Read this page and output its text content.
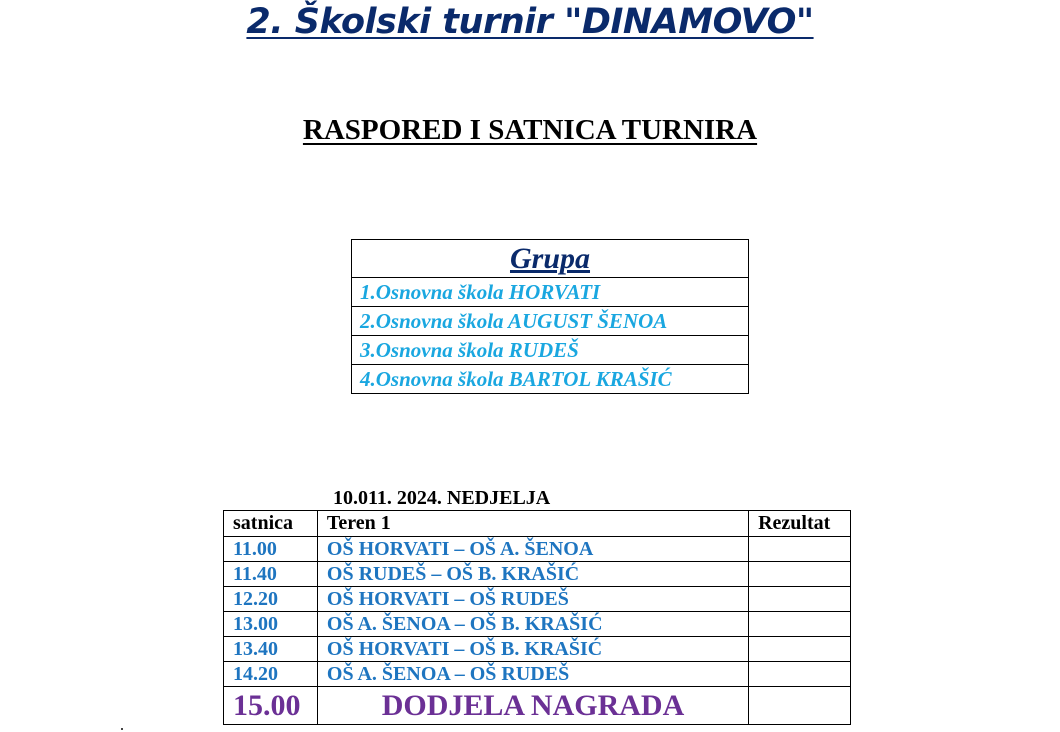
2. Školski turnir "DINAMOVO"
RASPORED I SATNICA TURNIRA
Grupa
1.Osnovna škola HORVATI
2.Osnovna škola AUGUST ŠENOA
3.Osnovna škola RUDEŠ
4.Osnovna škola BARTOL KRAŠIĆ
10.011. 2024. NEDJELJA
satnica	Teren 1	Rezultat
11.00	OŠ HORVATI – OŠ A. ŠENOA	
11.40	OŠ RUDEŠ – OŠ B. KRAŠIĆ	
12.20	OŠ HORVATI – OŠ RUDEŠ	
13.00	OŠ A. ŠENOA – OŠ B. KRAŠIĆ	
13.40	OŠ HORVATI – OŠ B. KRAŠIĆ	
14.20	OŠ A. ŠENOA – OŠ RUDEŠ	
15.00	DODJELA NAGRADA	
